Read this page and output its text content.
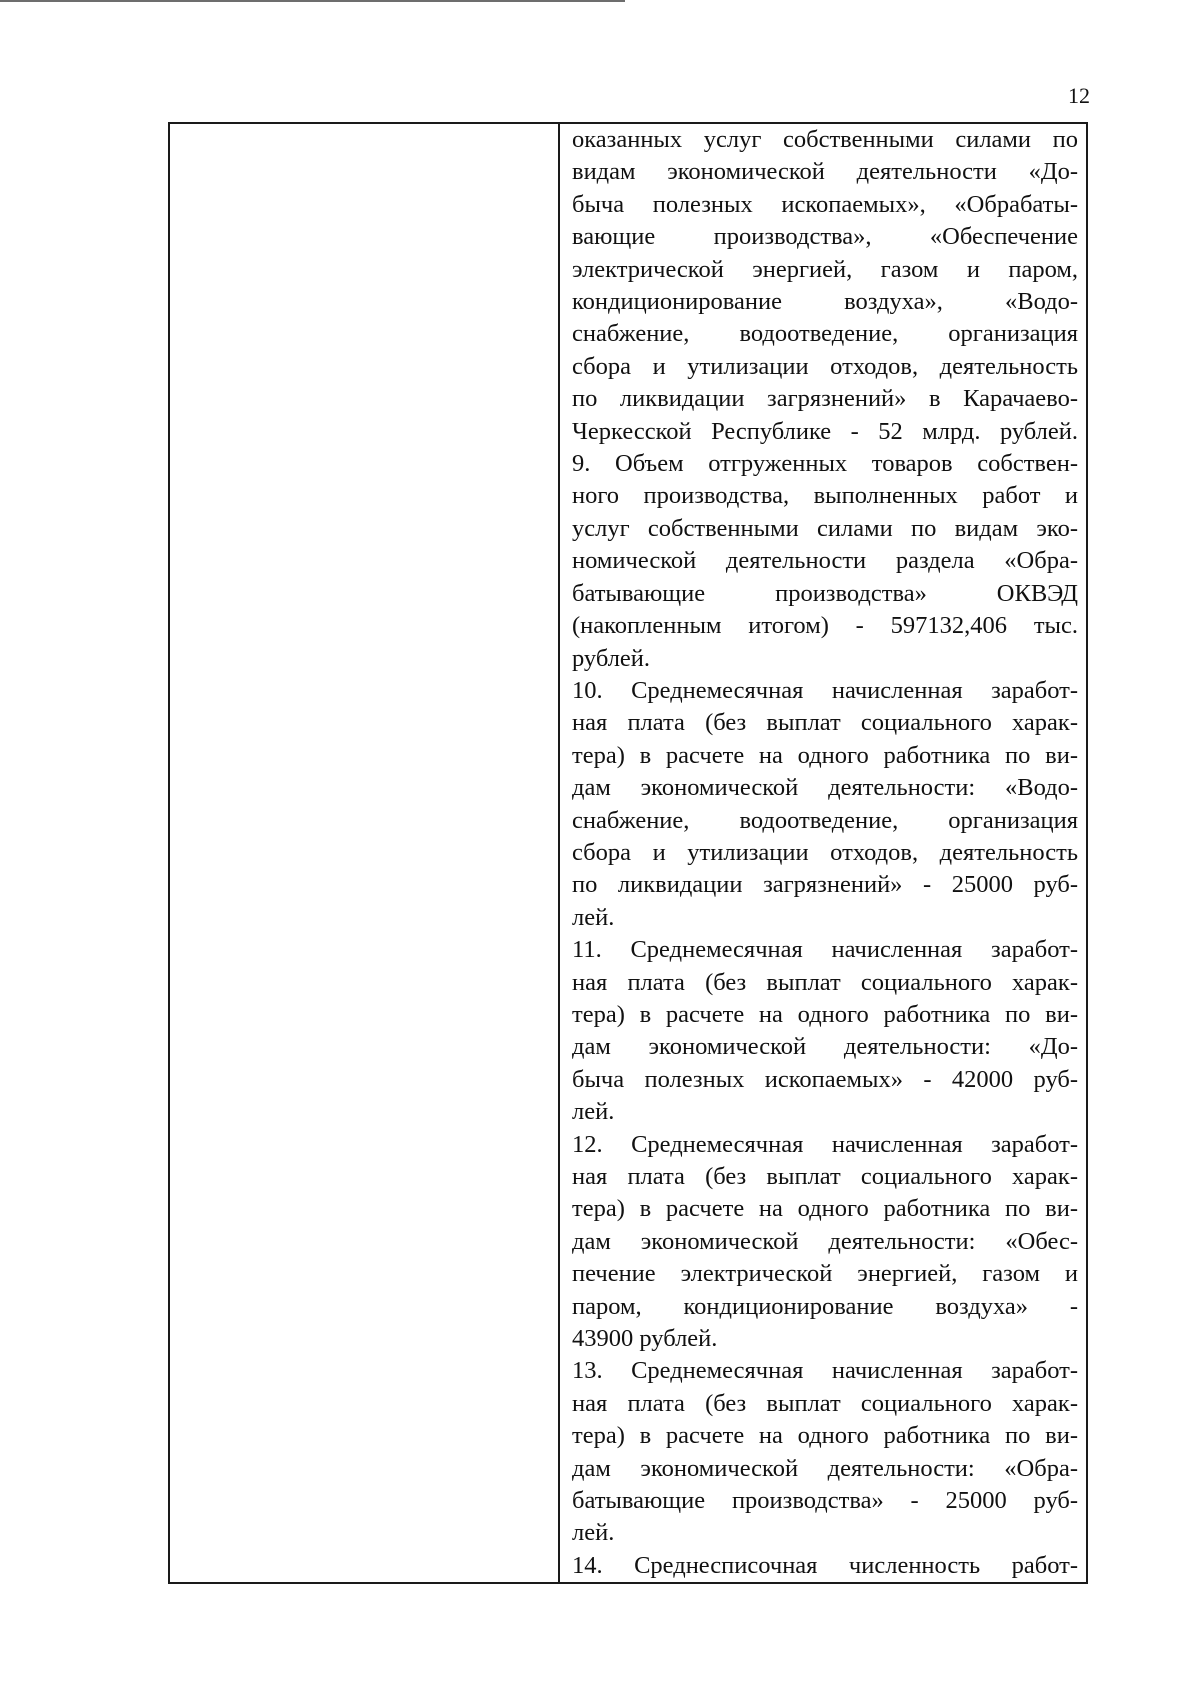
12

оказанных услуг собственными силами по

видам экономической деятельности «До-

быча полезных ископаемых», «Обрабаты-

вающие производства», «Обеспечение

электрической энергией, газом и паром,

кондиционирование воздуха», «Водо-

снабжение, водоотведение, организация

сбора и утилизации отходов, деятельность

по ликвидации загрязнений» в Карачаево-

Черкесской Республике - 52 млрд. рублей.

9. Объем отгруженных товаров собствен-

ного производства, выполненных работ и

услуг собственными силами по видам эко-

номической деятельности раздела «Обра-

батывающие производства» ОКВЭД

(накопленным итогом) - 597132,406 тыс.

рублей.

10. Среднемесячная начисленная заработ-

ная плата (без выплат социального харак-

тера) в расчете на одного работника по ви-

дам экономической деятельности: «Водо-

снабжение, водоотведение, организация

сбора и утилизации отходов, деятельность

по ликвидации загрязнений» - 25000 руб-

лей.

11. Среднемесячная начисленная заработ-

ная плата (без выплат социального харак-

тера) в расчете на одного работника по ви-

дам экономической деятельности: «До-

быча полезных ископаемых» - 42000 руб-

лей.

12. Среднемесячная начисленная заработ-

ная плата (без выплат социального харак-

тера) в расчете на одного работника по ви-

дам экономической деятельности: «Обес-

печение электрической энергией, газом и

паром, кондиционирование воздуха» -

43900 рублей.

13. Среднемесячная начисленная заработ-

ная плата (без выплат социального харак-

тера) в расчете на одного работника по ви-

дам экономической деятельности: «Обра-

батывающие производства» - 25000 руб-

лей.

14. Среднесписочная численность работ-
